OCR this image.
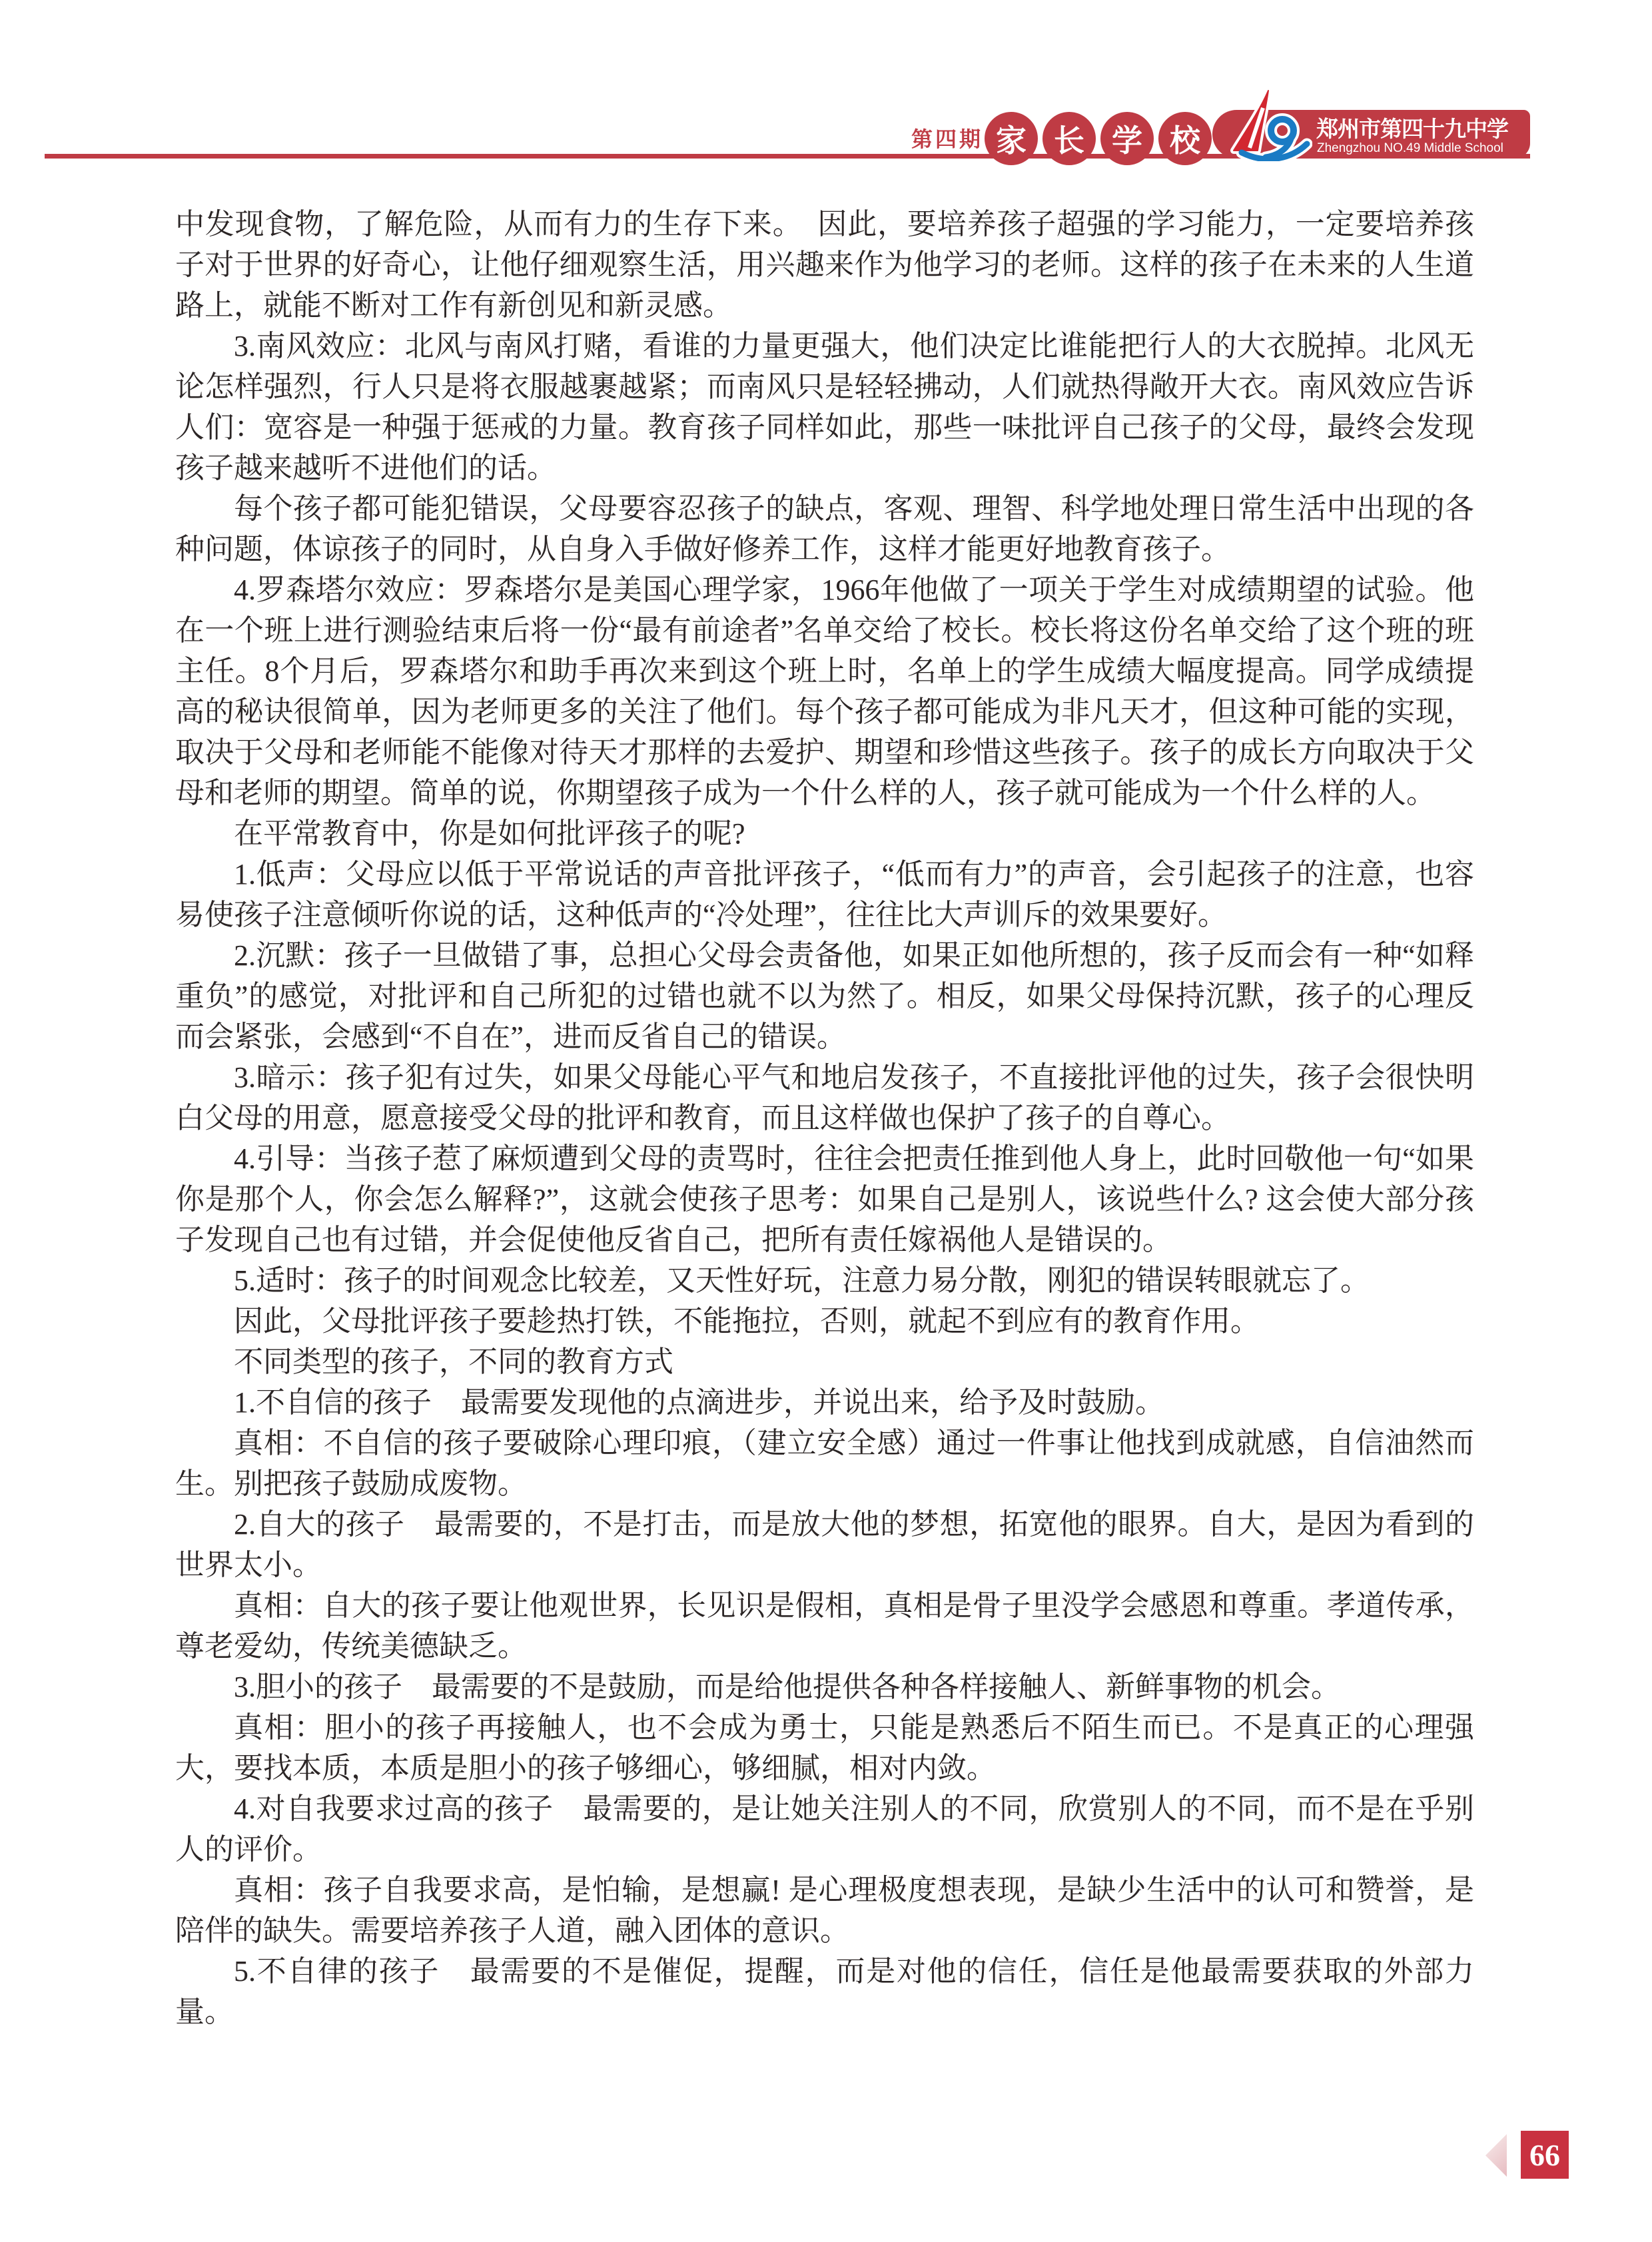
第四期 家 长 学 校	郑州市第四十九中学
Zhengzhou NO.49 Middle School

中发现食物，了解危险，从而有力的生存下来。　因此，要培养孩子超强的学习能力，一定要培养孩子对于世界的好奇心，让他仔细观察生活，用兴趣来作为他学习的老师。这样的孩子在未来的人生道路上，就能不断对工作有新创见和新灵感。

3.南风效应：北风与南风打赌，看谁的力量更强大，他们决定比谁能把行人的大衣脱掉。北风无论怎样强烈，行人只是将衣服越裹越紧；而南风只是轻轻拂动，人们就热得敞开大衣。南风效应告诉人们：宽容是一种强于惩戒的力量。教育孩子同样如此，那些一味批评自己孩子的父母，最终会发现孩子越来越听不进他们的话。

每个孩子都可能犯错误，父母要容忍孩子的缺点，客观、理智、科学地处理日常生活中出现的各种问题，体谅孩子的同时，从自身入手做好修养工作，这样才能更好地教育孩子。

4.罗森塔尔效应：罗森塔尔是美国心理学家，1966年他做了一项关于学生对成绩期望的试验。他在一个班上进行测验结束后将一份“最有前途者”名单交给了校长。校长将这份名单交给了这个班的班主任。8个月后，罗森塔尔和助手再次来到这个班上时，名单上的学生成绩大幅度提高。同学成绩提高的秘诀很简单，因为老师更多的关注了他们。每个孩子都可能成为非凡天才，但这种可能的实现，取决于父母和老师能不能像对待天才那样的去爱护、期望和珍惜这些孩子。孩子的成长方向取决于父母和老师的期望。简单的说，你期望孩子成为一个什么样的人，孩子就可能成为一个什么样的人。

在平常教育中，你是如何批评孩子的呢?

1.低声：父母应以低于平常说话的声音批评孩子，“低而有力”的声音，会引起孩子的注意，也容易使孩子注意倾听你说的话，这种低声的“冷处理”，往往比大声训斥的效果要好。

2.沉默：孩子一旦做错了事，总担心父母会责备他，如果正如他所想的，孩子反而会有一种“如释重负”的感觉，对批评和自己所犯的过错也就不以为然了。相反，如果父母保持沉默，孩子的心理反而会紧张，会感到“不自在”，进而反省自己的错误。

3.暗示：孩子犯有过失，如果父母能心平气和地启发孩子，不直接批评他的过失，孩子会很快明白父母的用意，愿意接受父母的批评和教育，而且这样做也保护了孩子的自尊心。

4.引导：当孩子惹了麻烦遭到父母的责骂时，往往会把责任推到他人身上，此时回敬他一句“如果你是那个人，你会怎么解释?”，这就会使孩子思考：如果自己是别人，该说些什么? 这会使大部分孩子发现自己也有过错，并会促使他反省自己，把所有责任嫁祸他人是错误的。

5.适时：孩子的时间观念比较差，又天性好玩，注意力易分散，刚犯的错误转眼就忘了。

因此，父母批评孩子要趁热打铁，不能拖拉，否则，就起不到应有的教育作用。

不同类型的孩子，不同的教育方式

1.不自信的孩子　最需要发现他的点滴进步，并说出来，给予及时鼓励。

真相：不自信的孩子要破除心理印痕，（建立安全感）通过一件事让他找到成就感，自信油然而生。别把孩子鼓励成废物。

2.自大的孩子　最需要的，不是打击，而是放大他的梦想，拓宽他的眼界。自大，是因为看到的世界太小。

真相：自大的孩子要让他观世界，长见识是假相，真相是骨子里没学会感恩和尊重。孝道传承，尊老爱幼，传统美德缺乏。

3.胆小的孩子　最需要的不是鼓励，而是给他提供各种各样接触人、新鲜事物的机会。

真相：胆小的孩子再接触人，也不会成为勇士，只能是熟悉后不陌生而已。不是真正的心理强大，要找本质，本质是胆小的孩子够细心，够细腻，相对内敛。

4.对自我要求过高的孩子　最需要的，是让她关注别人的不同，欣赏别人的不同，而不是在乎别人的评价。

真相：孩子自我要求高，是怕输，是想赢! 是心理极度想表现，是缺少生活中的认可和赞誉，是陪伴的缺失。需要培养孩子人道，融入团体的意识。

5.不自律的孩子　最需要的不是催促，提醒，而是对他的信任，信任是他最需要获取的外部力量。

66
